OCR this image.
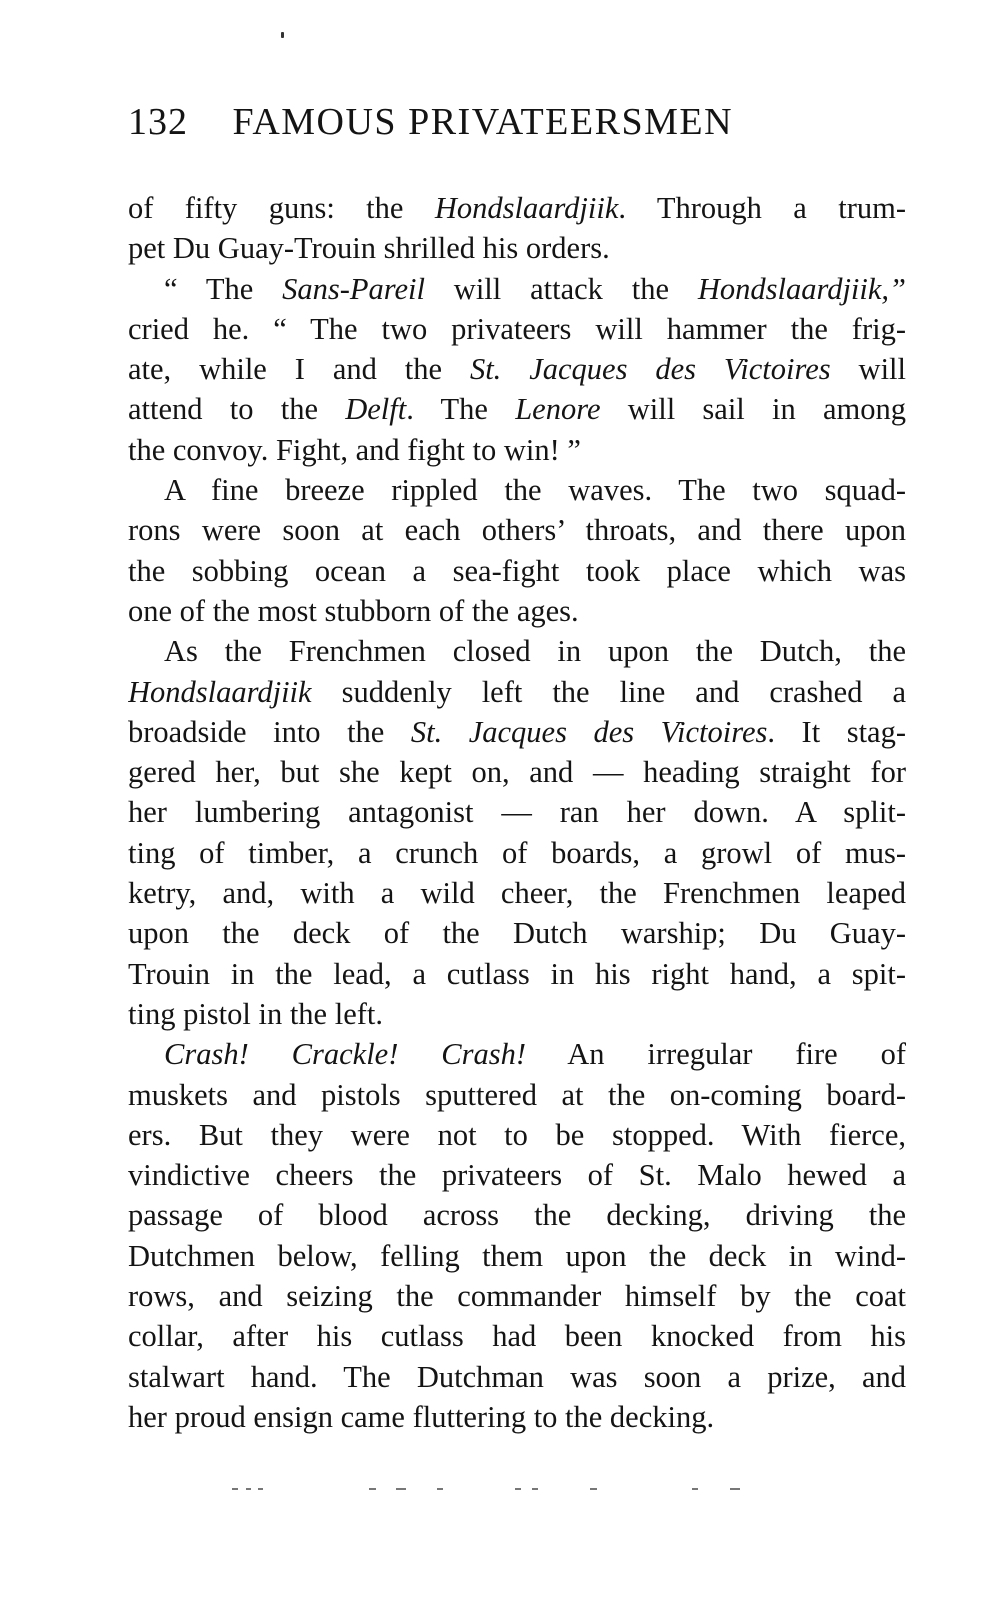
132 FAMOUS PRIVATEERSMEN
of fifty guns: the Hondslaardjiik. Through a trum-
pet Du Guay-Trouin shrilled his orders.
“ The Sans-Pareil will attack the Hondslaardjiik,”
cried he. “ The two privateers will hammer the frig-
ate, while I and the St. Jacques des Victoires will
attend to the Delft. The Lenore will sail in among
the convoy. Fight, and fight to win! ”
A fine breeze rippled the waves. The two squad-
rons were soon at each others’ throats, and there upon
the sobbing ocean a sea-fight took place which was
one of the most stubborn of the ages.
As the Frenchmen closed in upon the Dutch, the
Hondslaardjiik suddenly left the line and crashed a
broadside into the St. Jacques des Victoires. It stag-
gered her, but she kept on, and — heading straight for
her lumbering antagonist — ran her down. A split-
ting of timber, a crunch of boards, a growl of mus-
ketry, and, with a wild cheer, the Frenchmen leaped
upon the deck of the Dutch warship; Du Guay-
Trouin in the lead, a cutlass in his right hand, a spit-
ting pistol in the left.
Crash! Crackle! Crash! An irregular fire of
muskets and pistols sputtered at the on-coming board-
ers. But they were not to be stopped. With fierce,
vindictive cheers the privateers of St. Malo hewed a
passage of blood across the decking, driving the
Dutchmen below, felling them upon the deck in wind-
rows, and seizing the commander himself by the coat
collar, after his cutlass had been knocked from his
stalwart hand. The Dutchman was soon a prize, and
her proud ensign came fluttering to the decking.
